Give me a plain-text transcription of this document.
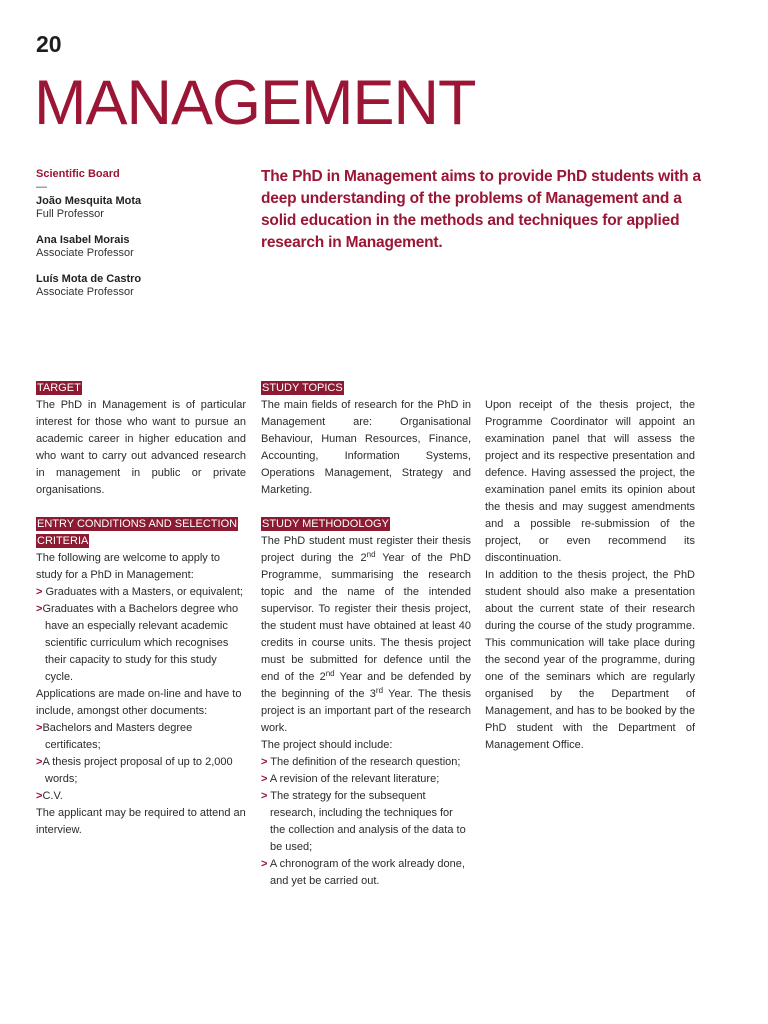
20
MANAGEMENT
Scientific Board
—
João Mesquita Mota
Full Professor
Ana Isabel Morais
Associate Professor
Luís Mota de Castro
Associate Professor
The PhD in Management aims to provide PhD students with a deep understanding of the problems of Management and a solid education in the methods and techniques for applied research in Management.

TARGET

The PhD in Management is of particular interest for those who want to pursue an academic career in higher education and who want to carry out advanced research in management in public or private organisations.

ENTRY CONDITIONS AND SELECTION CRITERIA

The following are welcome to apply to study for a PhD in Management:

> Graduates with a Masters, or equivalent;

>Graduates with a Bachelors degree who have an especially relevant academic scientific curriculum which recognises their capacity to study for this study cycle.

Applications are made on-line and have to include, amongst other documents:

>Bachelors and Masters degree certificates;

>A thesis project proposal of up to 2,000 words;

>C.V.

The applicant may be required to attend an interview.

STUDY TOPICS

The main fields of research for the PhD in Management are: Organisational Behaviour, Human Resources, Finance, Accounting, Information Systems, Operations Management, Strategy and Marketing.

STUDY METHODOLOGY

The PhD student must register their thesis project during the 2nd Year of the PhD Programme, summarising the research topic and the name of the intended supervisor. To register their thesis project, the student must have obtained at least 40 credits in course units. The thesis project must be submitted for defence until the end of the 2nd Year and be defended by the beginning of the 3rd Year. The thesis project is an important part of the research work.

The project should include:

> The definition of the research question;

> A revision of the relevant literature;

> The strategy for the subsequent research, including the techniques for the collection and analysis of the data to be used;

> A chronogram of the work already done, and yet be carried out.

Upon receipt of the thesis project, the Programme Coordinator will appoint an examination panel that will assess the project and its respective presentation and defence. Having assessed the project, the examination panel emits its opinion about the thesis and may suggest amendments and a possible re-submission of the project, or even recommend its discontinuation.

In addition to the thesis project, the PhD student should also make a presentation about the current state of their research during the course of the study programme. This communication will take place during the second year of the programme, during one of the seminars which are regularly organised by the Department of Management, and has to be booked by the PhD student with the Department of Management Office.
